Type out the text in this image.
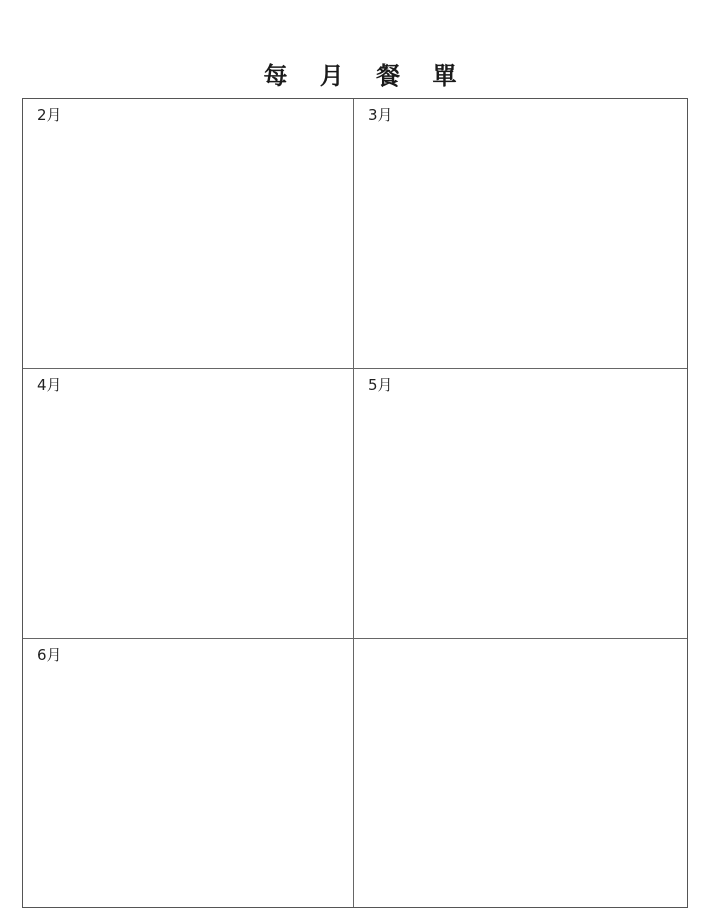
每 月 餐 單
2月	3月
4月	5月
6月
